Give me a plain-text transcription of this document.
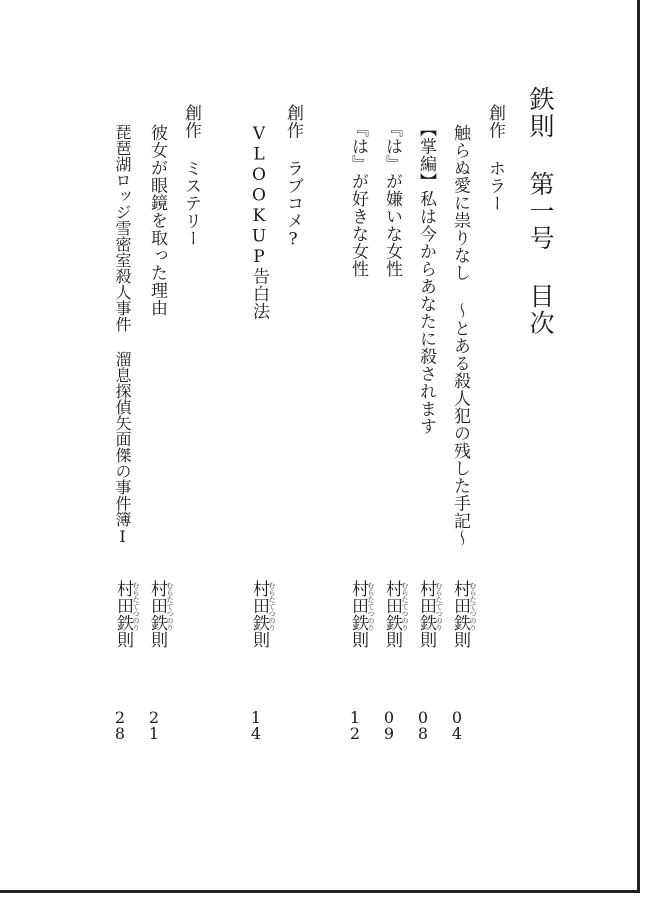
鉄則 第一号 目次
創作 ホラー
触らぬ愛に祟りなし ～とある殺人犯の残した手記～
村田鉄則 むらたてつのり
0
4
【掌編】私は今からあなたに殺されます
村田鉄則 むらたてつのり
0
8
『は』が嫌いな女性
村田鉄則 むらたてつのり
0
9
『は』が好きな女性
村田鉄則 むらたてつのり
1
2
創作 ラブコメ?
VLOOKUP告白法
村田鉄則 むらたてつのり
1
4
創作 ミステリー
彼女が眼鏡を取った理由
村田鉄則 むらたてつのり
2
1
琵琶湖ロッジ雪密室殺人事件 溜息探偵矢面傑の事件簿Ⅰ
村田鉄則 むらたてつのり
2
8
